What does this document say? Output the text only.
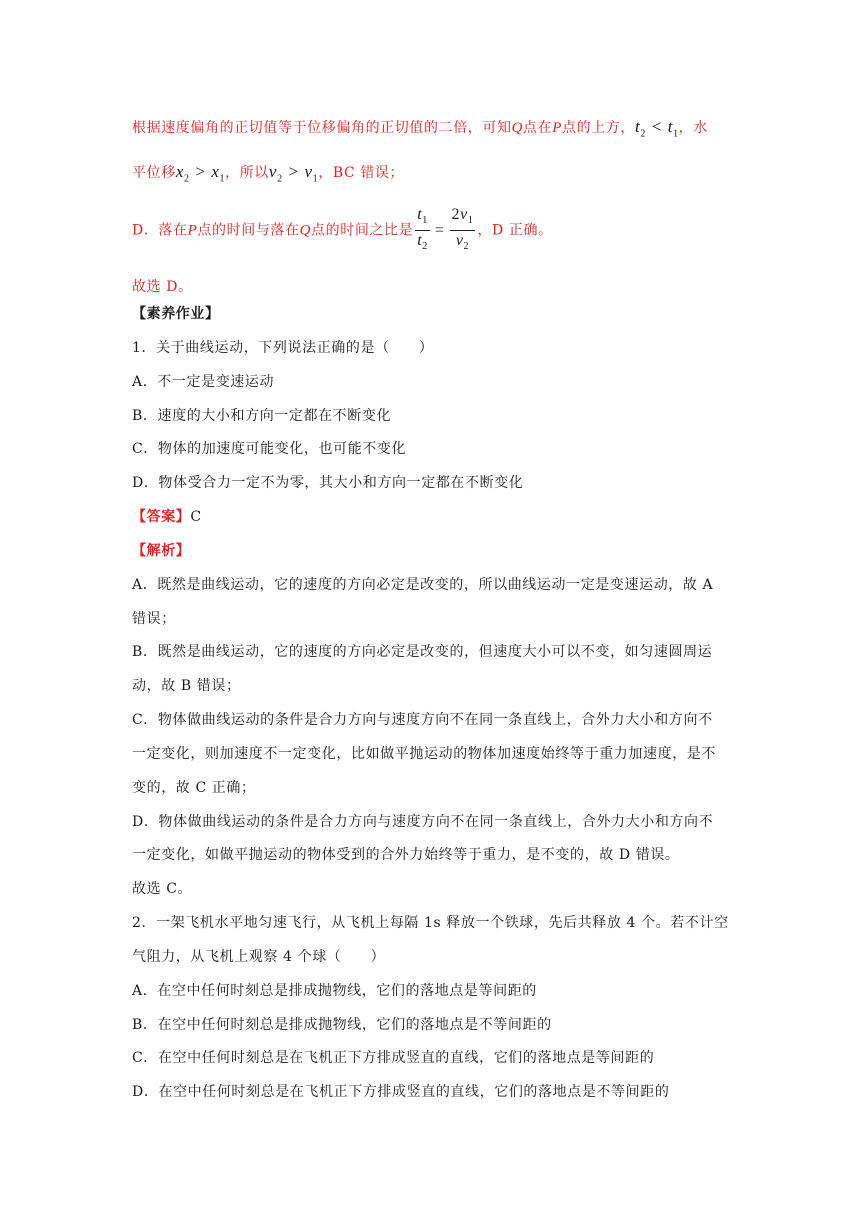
根据速度偏角的正切值等于位移偏角的正切值的二倍，可知Q点在P点的上方，$t_2 < t_1$，水
平位移$x_2 > x_1$，所以$v_2 > v_1$，BC 错误；
D．落在P点的时间与落在Q点的时间之比是 $\frac{t_1}{t_2} = \frac{2v_1}{v_2}$ ，D 正确。
故选 D。
【素养作业】
1．关于曲线运动，下列说法正确的是（　　）
A．不一定是变速运动
B．速度的大小和方向一定都在不断变化
C．物体的加速度可能变化，也可能不变化
D．物体受合力一定不为零，其大小和方向一定都在不断变化
【答案】C
【解析】
A．既然是曲线运动，它的速度的方向必定是改变的，所以曲线运动一定是变速运动，故 A
错误；
B．既然是曲线运动，它的速度的方向必定是改变的，但速度大小可以不变，如匀速圆周运
动，故 B 错误；
C．物体做曲线运动的条件是合力方向与速度方向不在同一条直线上，合外力大小和方向不
一定变化，则加速度不一定变化，比如做平抛运动的物体加速度始终等于重力加速度，是不
变的，故 C 正确；
D．物体做曲线运动的条件是合力方向与速度方向不在同一条直线上，合外力大小和方向不
一定变化，如做平抛运动的物体受到的合外力始终等于重力，是不变的，故 D 错误。
故选 C。
2．一架飞机水平地匀速飞行，从飞机上每隔 1s 释放一个铁球，先后共释放 4 个。若不计空
气阻力，从飞机上观察 4 个球（　　）
A．在空中任何时刻总是排成抛物线，它们的落地点是等间距的
B．在空中任何时刻总是排成抛物线，它们的落地点是不等间距的
C．在空中任何时刻总是在飞机正下方排成竖直的直线，它们的落地点是等间距的
D．在空中任何时刻总是在飞机正下方排成竖直的直线，它们的落地点是不等间距的
